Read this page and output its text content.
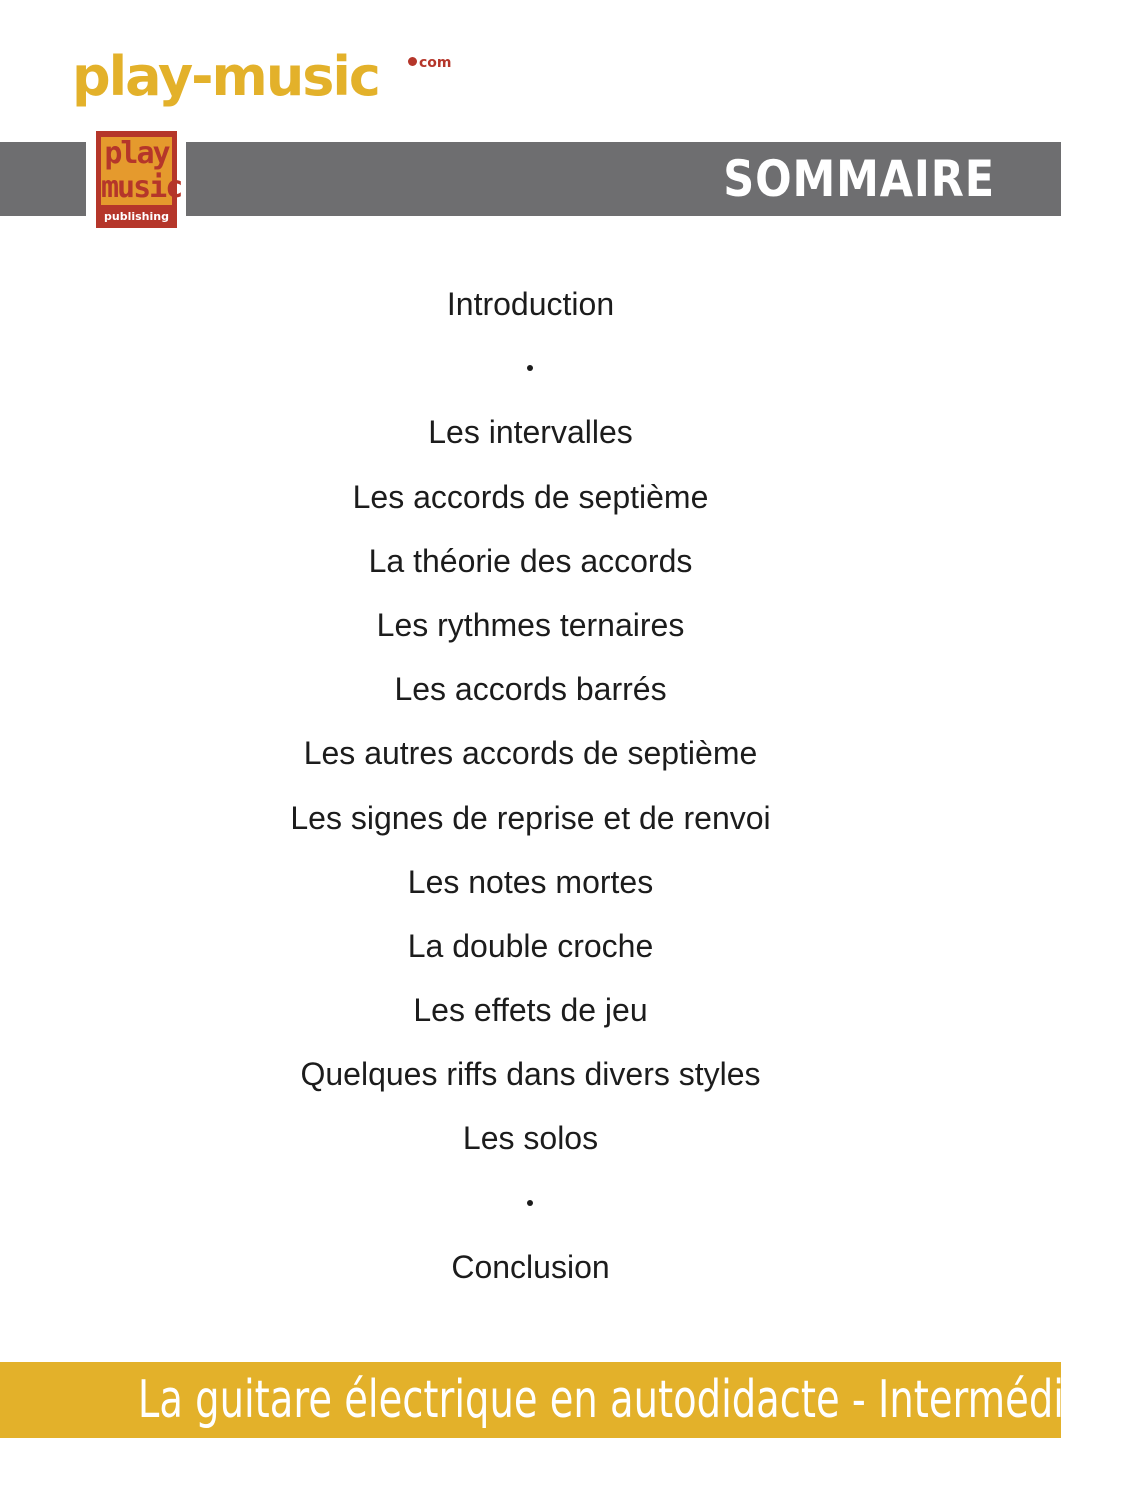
play-music	com
SOMMAIRE
play
music
publishing
Introduction
Les intervalles
Les accords de septième
La théorie des accords
Les rythmes ternaires
Les accords barrés
Les autres accords de septième
Les signes de reprise et de renvoi
Les notes mortes
La double croche
Les effets de jeu
Quelques riffs dans divers styles
Les solos
Conclusion
La guitare électrique en autodidacte - Intermédiaire
